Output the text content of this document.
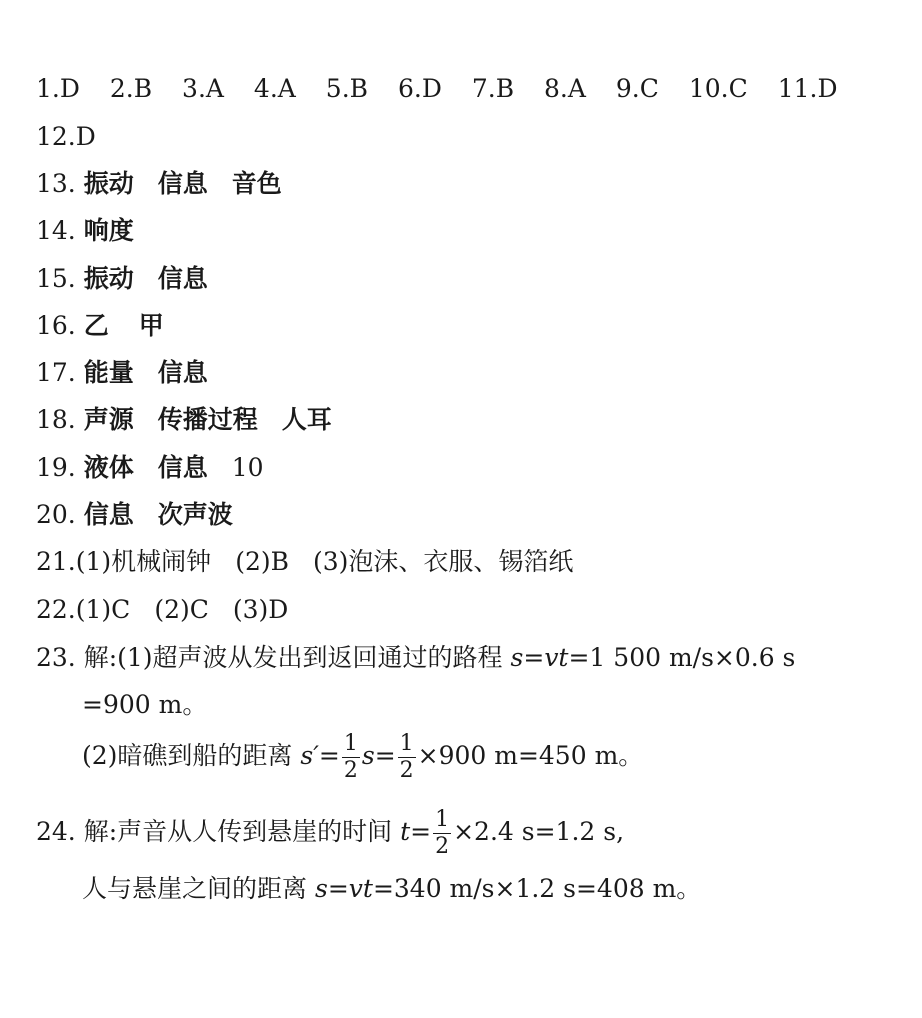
1.D 2.B 3.A 4.A 5.B 6.D 7.B 8.A 9.C 10.C 11.D
12.D
13. 振动 信息 音色
14. 响度
15. 振动 信息
16. 乙 甲
17. 能量 信息
18. 声源 传播过程 人耳
19. 液体 信息 10
20. 信息 次声波
21.(1)机械闹钟 (2)B (3)泡沫、衣服、锡箔纸
22.(1)C (2)C (3)D
23. 解:(1)超声波从发出到返回通过的路程 s=vt=1 500 m/s×0.6 s
=900 m。
(2)暗礁到船的距离 $s'= \frac{1}{2} s= \frac{1}{2} \times 900$ m=450 m。
24. 解:声音从人传到悬崖的时间 $t= \frac{1}{2} \times 2.4$ s=1.2 s,
人与悬崖之间的距离 s=vt=340 m/s×1.2 s=408 m。
